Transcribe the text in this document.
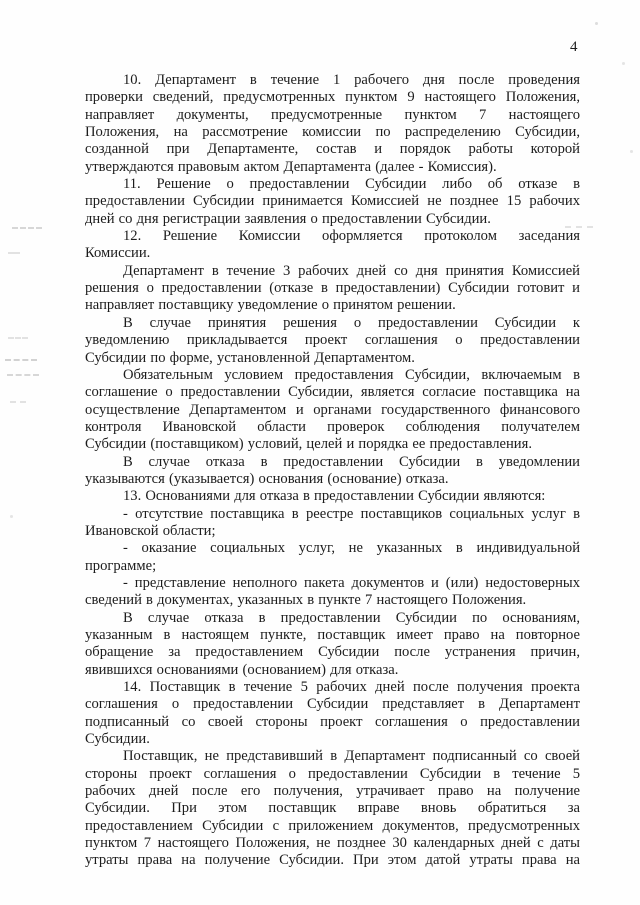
4
10. Департамент в течение 1 рабочего дня после проведения
проверки сведений, предусмотренных пунктом 9 настоящего Положения,
направляет документы, предусмотренные пунктом 7 настоящего
Положения, на рассмотрение комиссии по распределению Субсидии,
созданной при Департаменте, состав и порядок работы которой
утверждаются правовым актом Департамента (далее - Комиссия).
11. Решение о предоставлении Субсидии либо об отказе в
предоставлении Субсидии принимается Комиссией не позднее 15 рабочих
дней со дня регистрации заявления о предоставлении Субсидии.
12. Решение Комиссии оформляется протоколом заседания
Комиссии.
Департамент в течение 3 рабочих дней со дня принятия Комиссией
решения о предоставлении (отказе в предоставлении) Субсидии готовит и
направляет поставщику уведомление о принятом решении.
В случае принятия решения о предоставлении Субсидии к
уведомлению прикладывается проект соглашения о предоставлении
Субсидии по форме, установленной Департаментом.
Обязательным условием предоставления Субсидии, включаемым в
соглашение о предоставлении Субсидии, является согласие поставщика на
осуществление Департаментом и органами государственного финансового
контроля Ивановской области проверок соблюдения получателем
Субсидии (поставщиком) условий, целей и порядка ее предоставления.
В случае отказа в предоставлении Субсидии в уведомлении
указываются (указывается) основания (основание) отказа.
13. Основаниями для отказа в предоставлении Субсидии являются:
- отсутствие поставщика в реестре поставщиков социальных услуг в
Ивановской области;
- оказание социальных услуг, не указанных в индивидуальной
программе;
- представление неполного пакета документов и (или) недостоверных
сведений в документах, указанных в пункте 7 настоящего Положения.
В случае отказа в предоставлении Субсидии по основаниям,
указанным в настоящем пункте, поставщик имеет право на повторное
обращение за предоставлением Субсидии после устранения причин,
явившихся основаниями (основанием) для отказа.
14. Поставщик в течение 5 рабочих дней после получения проекта
соглашения о предоставлении Субсидии представляет в Департамент
подписанный со своей стороны проект соглашения о предоставлении
Субсидии.
Поставщик, не представивший в Департамент подписанный со своей
стороны проект соглашения о предоставлении Субсидии в течение 5
рабочих дней после его получения, утрачивает право на получение
Субсидии. При этом поставщик вправе вновь обратиться за
предоставлением Субсидии с приложением документов, предусмотренных
пунктом 7 настоящего Положения, не позднее 30 календарных дней с даты
утраты права на получение Субсидии. При этом датой утраты права на
